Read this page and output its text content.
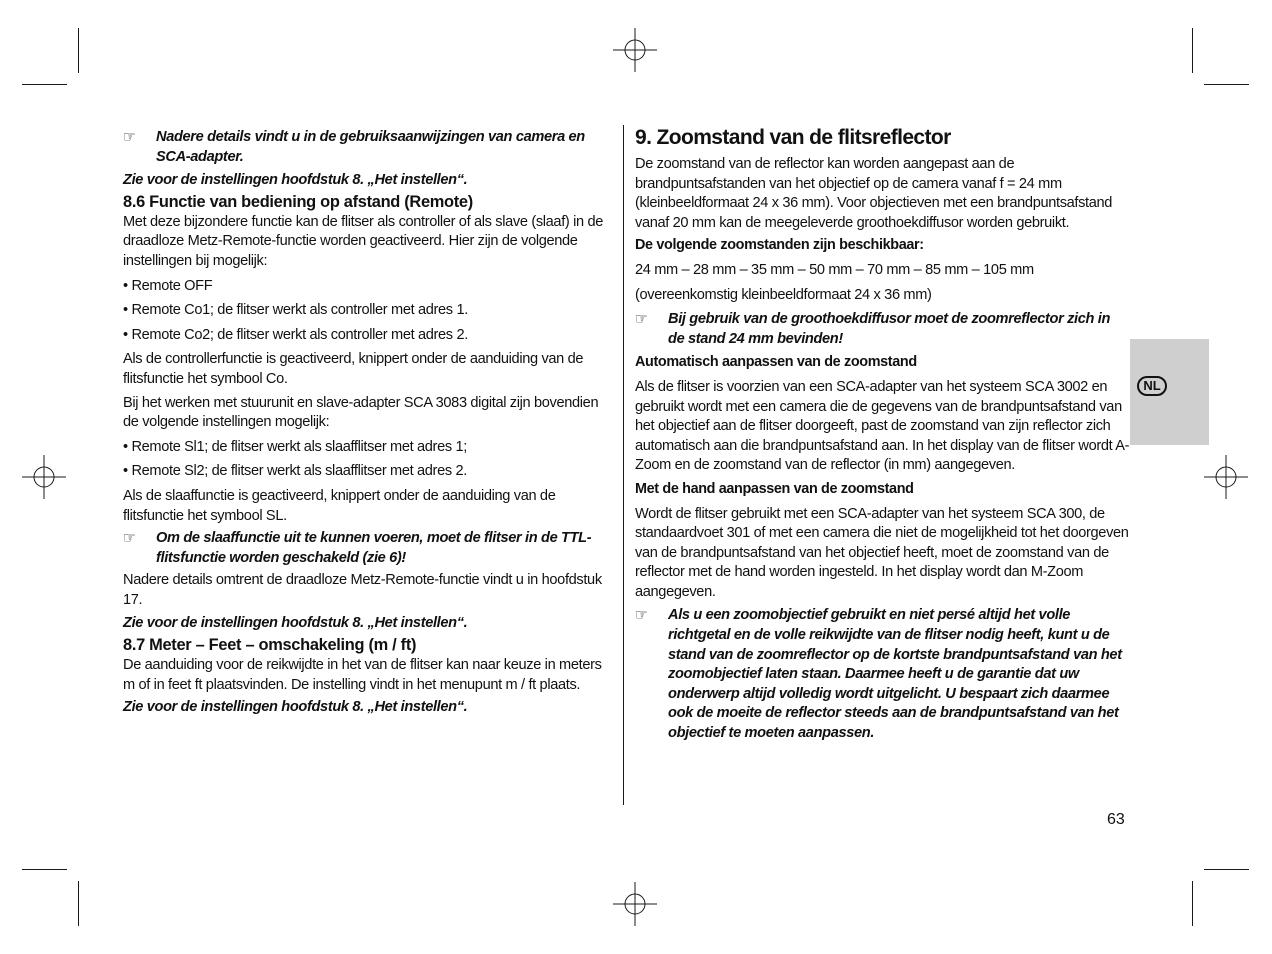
☞ Nadere details vindt u in de gebruiksaanwijzingen van camera en SCA-adapter.

Zie voor de instellingen hoofdstuk 8. „Het instellen“.

8.6 Functie van bediening op afstand (Remote)

Met deze bijzondere functie kan de flitser als controller of als slave (slaaf) in de draadloze Metz-Remote-functie worden geactiveerd. Hier zijn de volgende instellingen bij mogelijk:

• Remote OFF

• Remote Co1; de flitser werkt als controller met adres 1.

• Remote Co2; de flitser werkt als controller met adres 2.

Als de controllerfunctie is geactiveerd, knippert onder de aanduiding van de flitsfunctie het symbool Co.

Bij het werken met stuurunit en slave-adapter SCA 3083 digital zijn bovendien de volgende instellingen mogelijk:

• Remote Sl1; de flitser werkt als slaafflitser met adres 1;

• Remote Sl2; de flitser werkt als slaafflitser met adres 2.

Als de slaaffunctie is geactiveerd, knippert onder de aanduiding van de flitsfunctie het symbool SL.

☞ Om de slaaffunctie uit te kunnen voeren, moet de flitser in de TTL-flitsfunctie worden geschakeld (zie 6)!

Nadere details omtrent de draadloze Metz-Remote-functie vindt u in hoofdstuk 17.

Zie voor de instellingen hoofdstuk 8. „Het instellen“.

8.7 Meter – Feet – omschakeling (m / ft)

De aanduiding voor de reikwijdte in het van de flitser kan naar keuze in meters m of in feet ft plaatsvinden. De instelling vindt in het menupunt m / ft plaats.

Zie voor de instellingen hoofdstuk 8. „Het instellen“.

9. Zoomstand van de flitsreflector

De zoomstand van de reflector kan worden aangepast aan de brandpuntsafstanden van het objectief op de camera vanaf f = 24 mm (kleinbeeldformaat 24 x 36 mm). Voor objectieven met een brandpuntsafstand vanaf 20 mm kan de meegeleverde groothoekdiffusor worden gebruikt.

De volgende zoomstanden zijn beschikbaar:

24 mm – 28 mm – 35 mm – 50 mm – 70 mm – 85 mm – 105 mm

(overeenkomstig kleinbeeldformaat 24 x 36 mm)

☞ Bij gebruik van de groothoekdiffusor moet de zoomreflector zich in de stand 24 mm bevinden!

Automatisch aanpassen van de zoomstand

Als de flitser is voorzien van een SCA-adapter van het systeem SCA 3002 en gebruikt wordt met een camera die de gegevens van de brandpuntsafstand van het objectief aan de flitser doorgeeft, past de zoomstand van zijn reflector zich automatisch aan die brandpuntsafstand aan. In het display van de flitser wordt A-Zoom en de zoomstand van de reflector (in mm) aangegeven.

Met de hand aanpassen van de zoomstand

Wordt de flitser gebruikt met een SCA-adapter van het systeem SCA 300, de standaardvoet 301 of met een camera die niet de mogelijkheid tot het doorgeven van de brandpuntsafstand van het objectief heeft, moet de zoomstand van de reflector met de hand worden ingesteld. In het display wordt dan M-Zoom aangegeven.

☞ Als u een zoomobjectief gebruikt en niet persé altijd het volle richtgetal en de volle reikwijdte van de flitser nodig heeft, kunt u de stand van de zoomreflector op de kortste brandpuntsafstand van het zoomobjectief laten staan. Daarmee heeft u de garantie dat uw onderwerp altijd volledig wordt uitgelicht. U bespaart zich daarmee ook de moeite de reflector steeds aan de brandpuntsafstand van het objectief te moeten aanpassen.

NL
63
